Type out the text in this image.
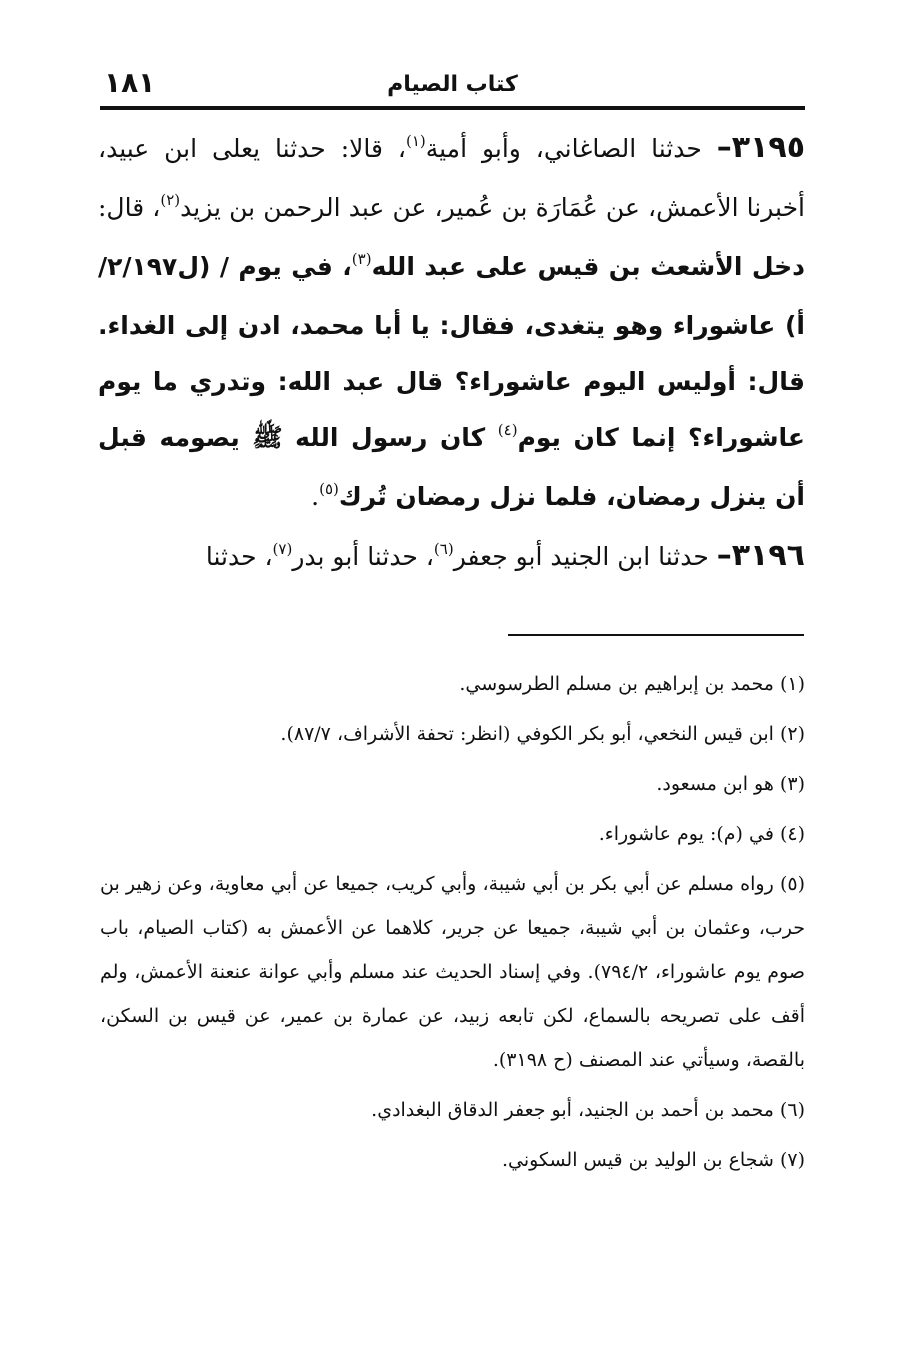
كتاب الصيام
١٨١

٣١٩٥– حدثنا الصاغاني، وأبو أمية$^{(١)}$، قالا: حدثنا يعلى ابن عبيد، أخبرنا الأعمش، عن عُمَارَة بن عُمير، عن عبد الرحمن بن يزيد$^{(٢)}$، قال: دخل الأشعث بن قيس على عبد الله$^{(٣)}$، في يوم / (ل٢/١٩٧/أ) عاشوراء وهو يتغدى، فقال: يا أبا محمد، ادن إلى الغداء. قال: أوليس اليوم عاشوراء؟ قال عبد الله: وتدري ما يوم عاشوراء؟ إنما كان يوم$^{(٤)}$ كان رسول الله ﷺ يصومه قبل أن ينزل رمضان، فلما نزل رمضان تُرك$^{(٥)}$.

٣١٩٦– حدثنا ابن الجنيد أبو جعفر$^{(٦)}$، حدثنا أبو بدر$^{(٧)}$، حدثنا

(١) محمد بن إبراهيم بن مسلم الطرسوسي.

(٢) ابن قيس النخعي، أبو بكر الكوفي (انظر: تحفة الأشراف، ٨٧/٧).

(٣) هو ابن مسعود.

(٤) في (م): يوم عاشوراء.

(٥) رواه مسلم عن أبي بكر بن أبي شيبة، وأبي كريب، جميعا عن أبي معاوية، وعن زهير بن حرب، وعثمان بن أبي شيبة، جميعا عن جرير، كلاهما عن الأعمش به (كتاب الصيام، باب صوم يوم عاشوراء، ٧٩٤/٢). وفي إسناد الحديث عند مسلم وأبي عوانة عنعنة الأعمش، ولم أقف على تصريحه بالسماع، لكن تابعه زبيد، عن عمارة بن عمير، عن قيس بن السكن، بالقصة، وسيأتي عند المصنف (ح ٣١٩٨).

(٦) محمد بن أحمد بن الجنيد، أبو جعفر الدقاق البغدادي.

(٧) شجاع بن الوليد بن قيس السكوني.
